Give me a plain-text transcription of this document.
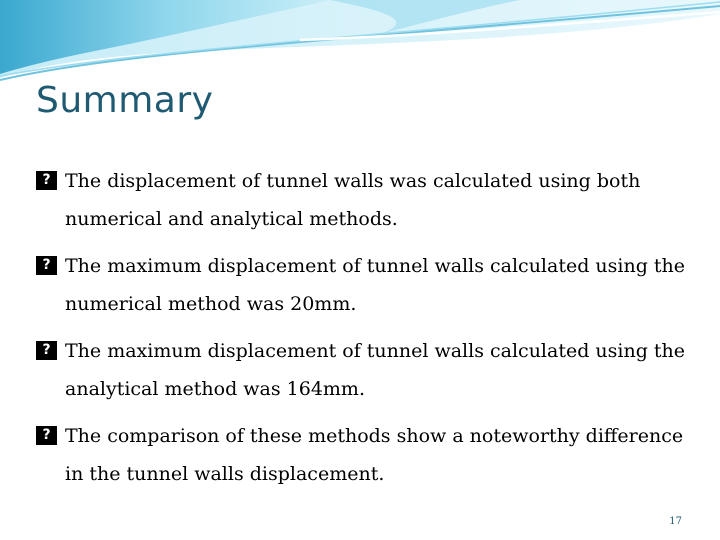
Summary
? The displacement of tunnel walls was calculated using both numerical and analytical methods.
? The maximum displacement of tunnel walls calculated using the numerical method was 20mm.
? The maximum displacement of tunnel walls calculated using the analytical method was 164mm.
? The comparison of these methods show a noteworthy difference in the tunnel walls displacement.
17
